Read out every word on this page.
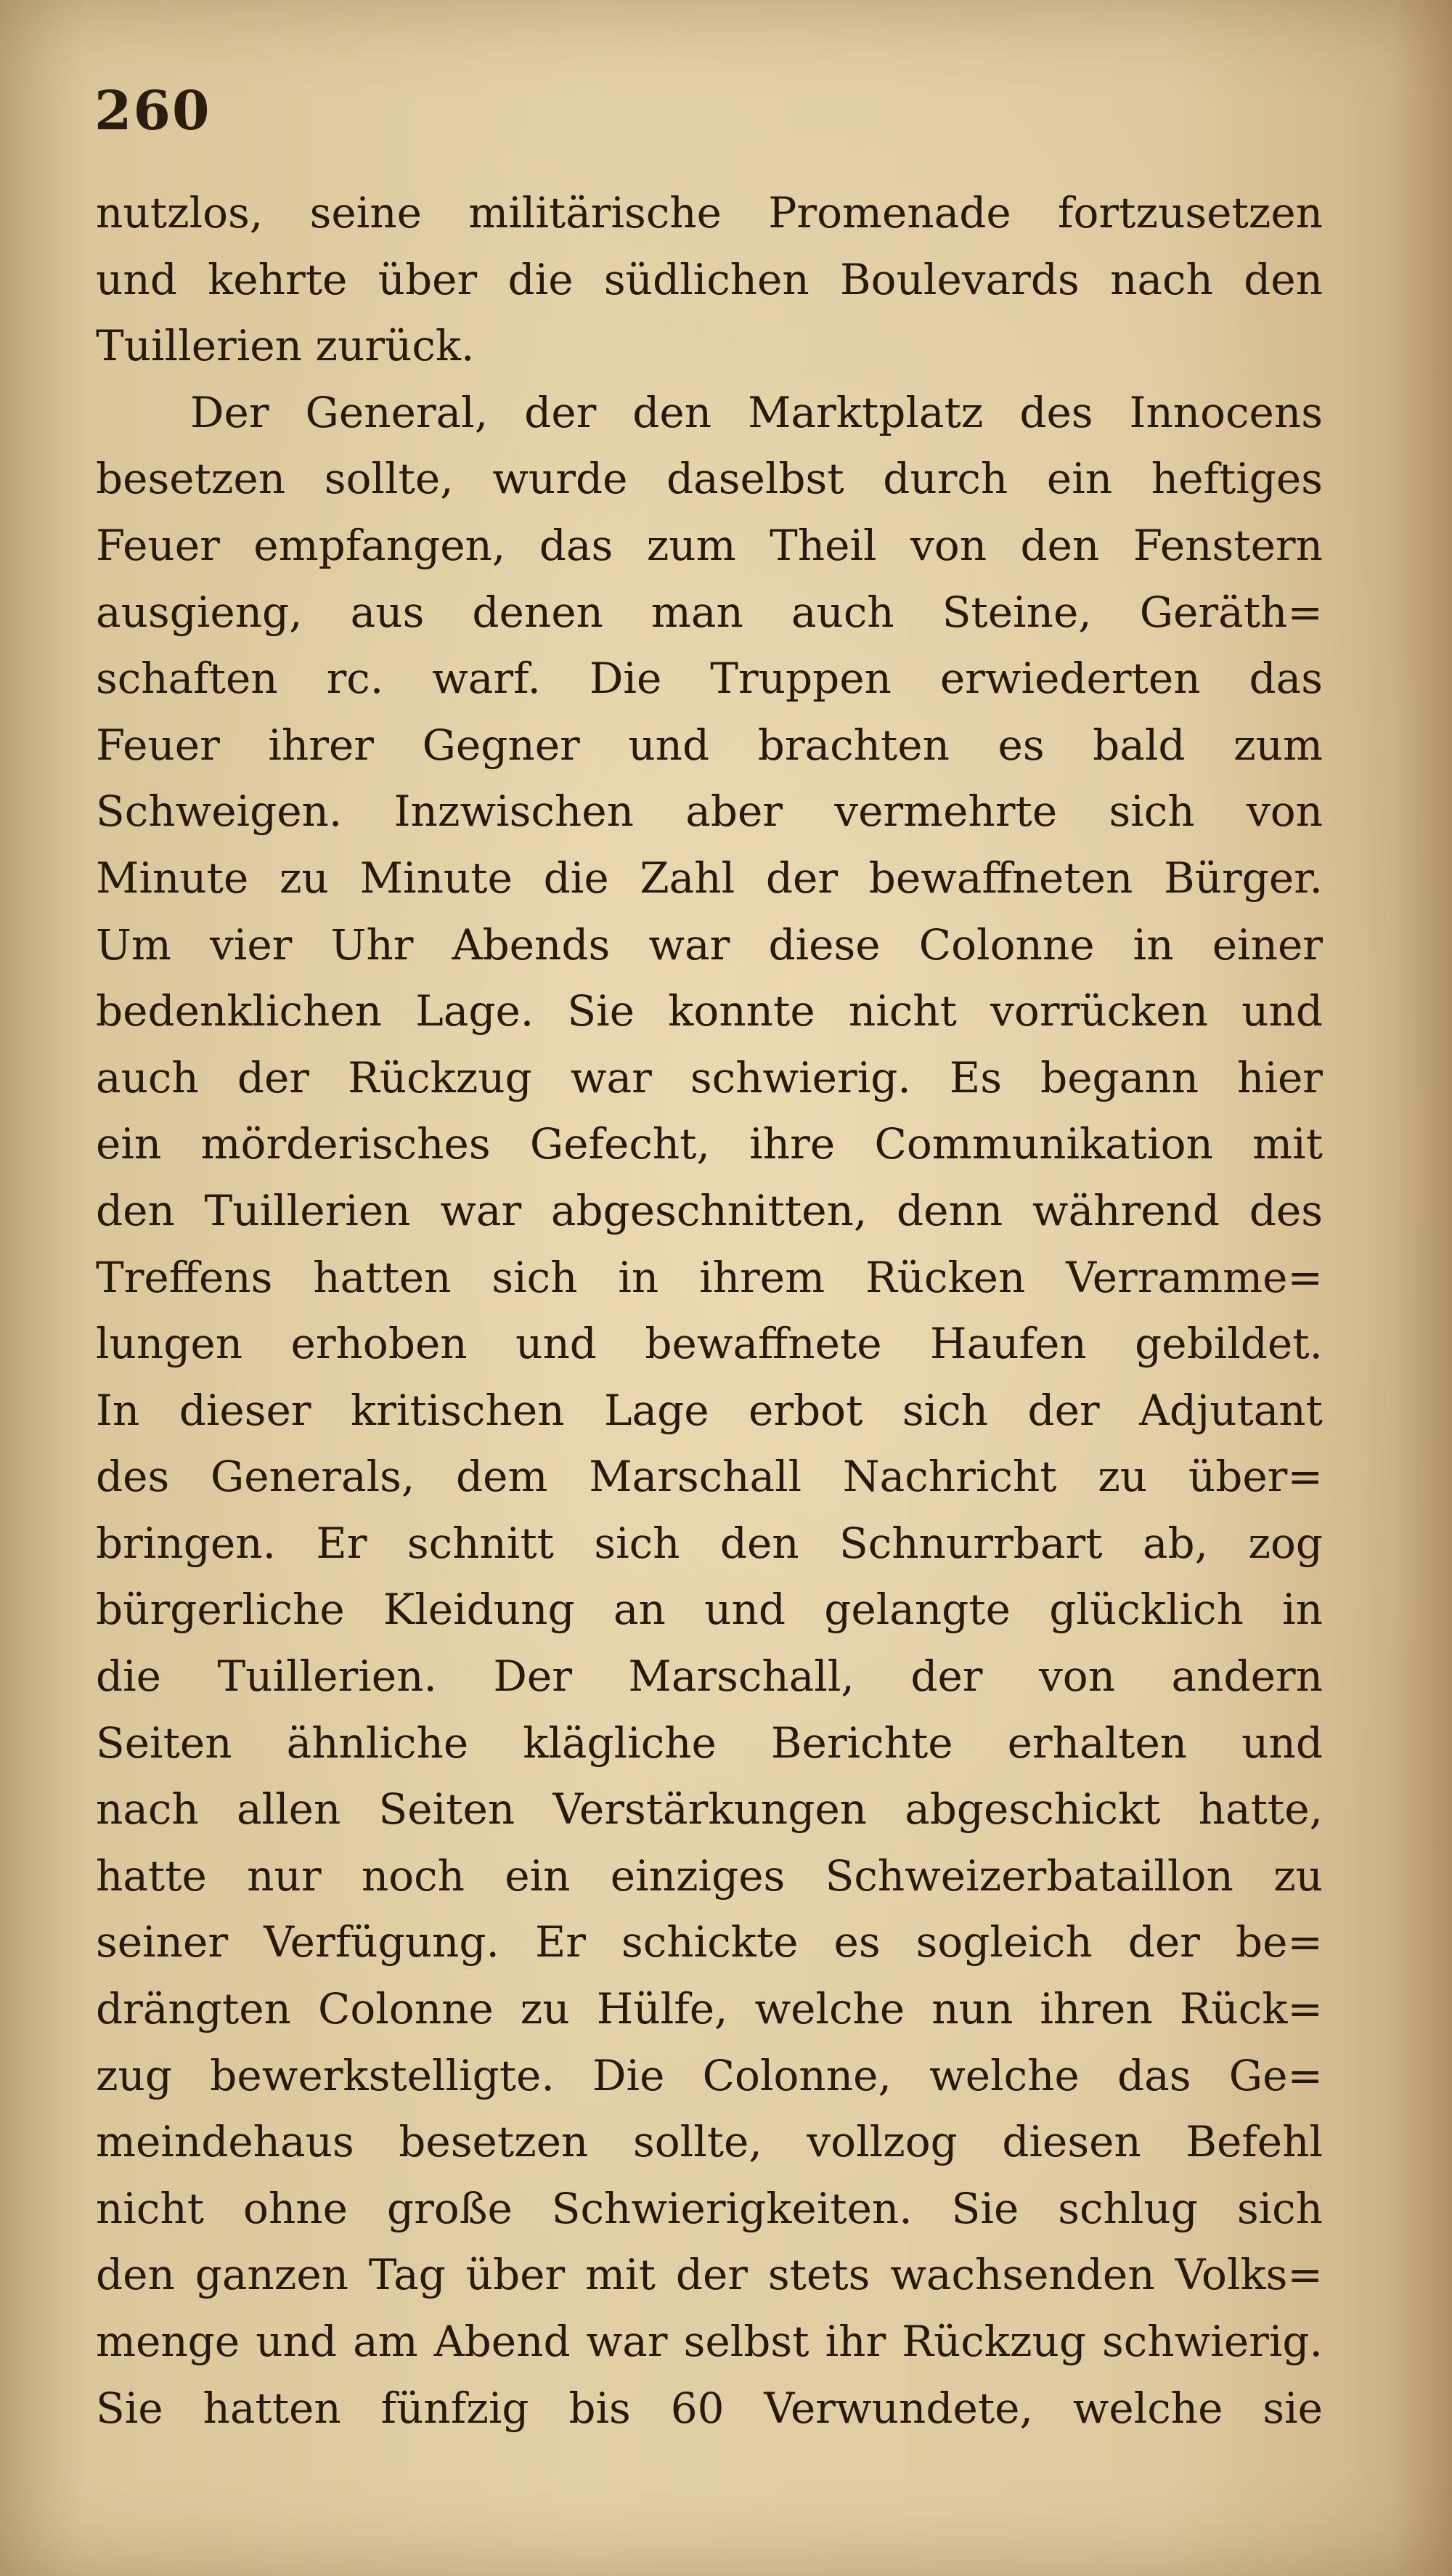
260
nutzlos, seine militärische Promenade fortzusetzen
und kehrte über die südlichen Boulevards nach den
Tuillerien zurück.
Der General, der den Marktplatz des Innocens
besetzen sollte, wurde daselbst durch ein heftiges
Feuer empfangen, das zum Theil von den Fenstern
ausgieng, aus denen man auch Steine, Geräth=
schaften rc. warf. Die Truppen erwiederten das
Feuer ihrer Gegner und brachten es bald zum
Schweigen. Inzwischen aber vermehrte sich von
Minute zu Minute die Zahl der bewaffneten Bürger.
Um vier Uhr Abends war diese Colonne in einer
bedenklichen Lage. Sie konnte nicht vorrücken und
auch der Rückzug war schwierig. Es begann hier
ein mörderisches Gefecht, ihre Communikation mit
den Tuillerien war abgeschnitten, denn während des
Treffens hatten sich in ihrem Rücken Verramme=
lungen erhoben und bewaffnete Haufen gebildet.
In dieser kritischen Lage erbot sich der Adjutant
des Generals, dem Marschall Nachricht zu über=
bringen. Er schnitt sich den Schnurrbart ab, zog
bürgerliche Kleidung an und gelangte glücklich in
die Tuillerien. Der Marschall, der von andern
Seiten ähnliche klägliche Berichte erhalten und
nach allen Seiten Verstärkungen abgeschickt hatte,
hatte nur noch ein einziges Schweizerbataillon zu
seiner Verfügung. Er schickte es sogleich der be=
drängten Colonne zu Hülfe, welche nun ihren Rück=
zug bewerkstelligte. Die Colonne, welche das Ge=
meindehaus besetzen sollte, vollzog diesen Befehl
nicht ohne große Schwierigkeiten. Sie schlug sich
den ganzen Tag über mit der stets wachsenden Volks=
menge und am Abend war selbst ihr Rückzug schwierig.
Sie hatten fünfzig bis 60 Verwundete, welche sie
